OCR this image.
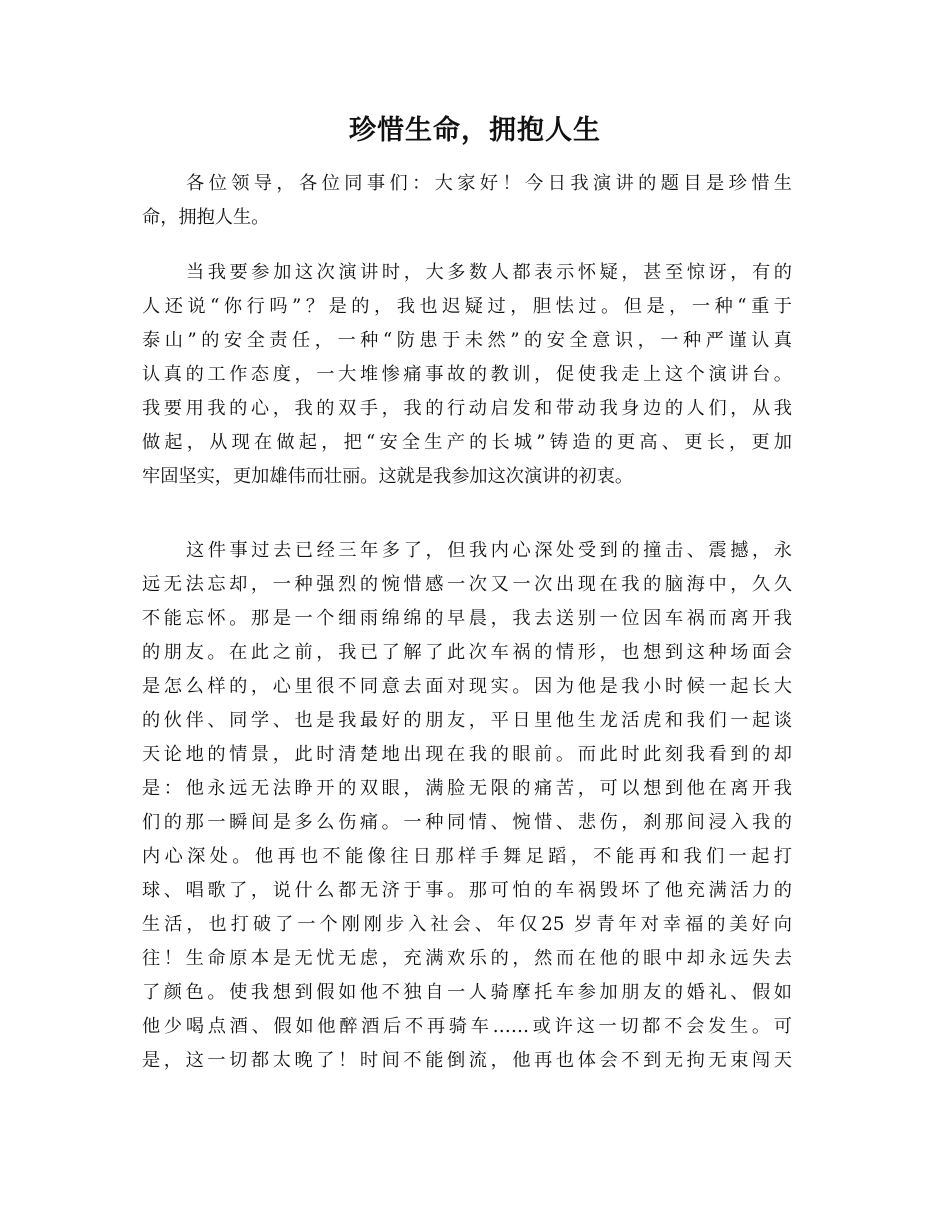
珍惜生命，拥抱人生
各位领导，各位同事们：大家好！今日我演讲的题目是珍惜生
命，拥抱人生。
当我要参加这次演讲时，大多数人都表示怀疑，甚至惊讶，有的
人还说“你行吗”？是的，我也迟疑过，胆怯过。但是，一种“重于
泰山”的安全责任，一种“防患于未然”的安全意识，一种严谨认真
认真的工作态度，一大堆惨痛事故的教训，促使我走上这个演讲台。
我要用我的心，我的双手，我的行动启发和带动我身边的人们，从我
做起，从现在做起，把“安全生产的长城”铸造的更高、更长，更加
牢固坚实，更加雄伟而壮丽。这就是我参加这次演讲的初衷。
这件事过去已经三年多了，但我内心深处受到的撞击、震撼，永
远无法忘却，一种强烈的惋惜感一次又一次出现在我的脑海中，久久
不能忘怀。那是一个细雨绵绵的早晨，我去送别一位因车祸而离开我
的朋友。在此之前，我已了解了此次车祸的情形，也想到这种场面会
是怎么样的，心里很不同意去面对现实。因为他是我小时候一起长大
的伙伴、同学、也是我最好的朋友，平日里他生龙活虎和我们一起谈
天论地的情景，此时清楚地出现在我的眼前。而此时此刻我看到的却
是：他永远无法睁开的双眼，满脸无限的痛苦，可以想到他在离开我
们的那一瞬间是多么伤痛。一种同情、惋惜、悲伤，刹那间浸入我的
内心深处。他再也不能像往日那样手舞足蹈，不能再和我们一起打
球、唱歌了，说什么都无济于事。那可怕的车祸毁坏了他充满活力的
生活，也打破了一个刚刚步入社会、年仅25 岁青年对幸福的美好向
往！生命原本是无忧无虑，充满欢乐的，然而在他的眼中却永远失去
了颜色。使我想到假如他不独自一人骑摩托车参加朋友的婚礼、假如
他少喝点酒、假如他醉酒后不再骑车……或许这一切都不会发生。可
是，这一切都太晚了！时间不能倒流，他再也体会不到无拘无束闯天
